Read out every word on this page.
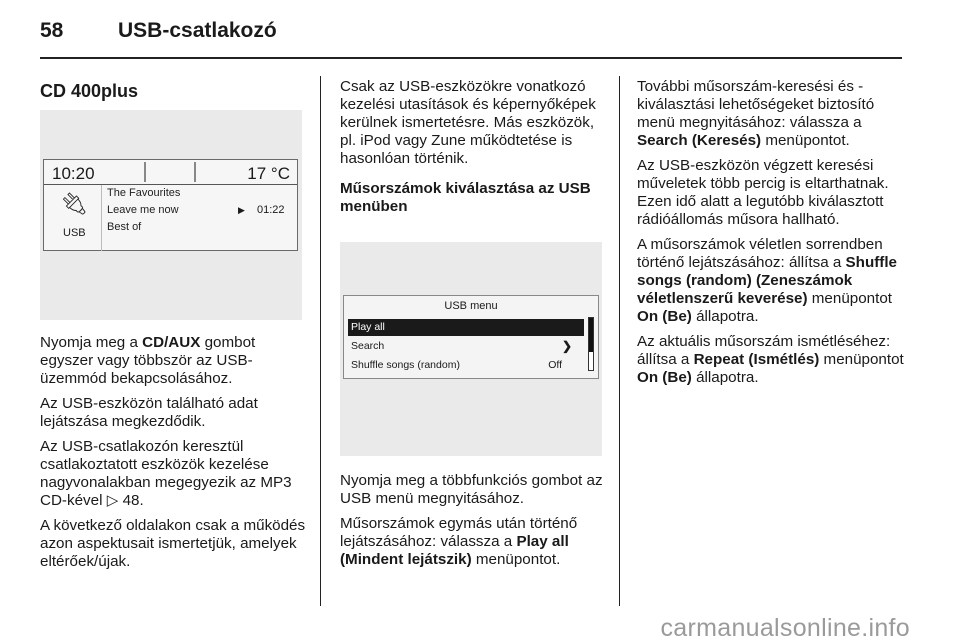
58	USB-csatlakozó
CD 400plus
10:20	17 °C
🔌︎
USB
The Favourites
Leave me now
Best of
▶ 01:22

Nyomja meg a CD/AUX gombot egyszer vagy többször az USB-üzemmód bekapcsolásához.

Az USB-eszközön található adat lejátszása megkezdődik.

Az USB-csatlakozón keresztül csatlakoztatott eszközök kezelése nagyvonalakban megegyezik az MP3 CD-kével ▷ 48.

A következő oldalakon csak a működés azon aspektusait ismertetjük, amelyek eltérőek/újak.

Csak az USB-eszközökre vonatkozó kezelési utasítások és képernyőképek kerülnek ismertetésre. Más eszközök, pl. iPod vagy Zune működtetése is hasonlóan történik.

Műsorszámok kiválasztása az USB menüben

USB menu
Play all
Search	❯
Shuffle songs (random)	Off

Nyomja meg a többfunkciós gombot az USB menü megnyitásához.

Műsorszámok egymás után történő lejátszásához: válassza a Play all (Mindent lejátszik) menüpontot.

További műsorszám-keresési és -kiválasztási lehetőségeket biztosító menü megnyitásához: válassza a Search (Keresés) menüpontot.

Az USB-eszközön végzett keresési műveletek több percig is eltarthatnak. Ezen idő alatt a legutóbb kiválasztott rádióállomás műsora hallható.

A műsorszámok véletlen sorrendben történő lejátszásához: állítsa a Shuffle songs (random) (Zeneszámok véletlenszerű keverése) menüpontot On (Be) állapotra.

Az aktuális műsorszám ismétléséhez: állítsa a Repeat (Ismétlés) menüpontot On (Be) állapotra.

carmanualsonline.info
